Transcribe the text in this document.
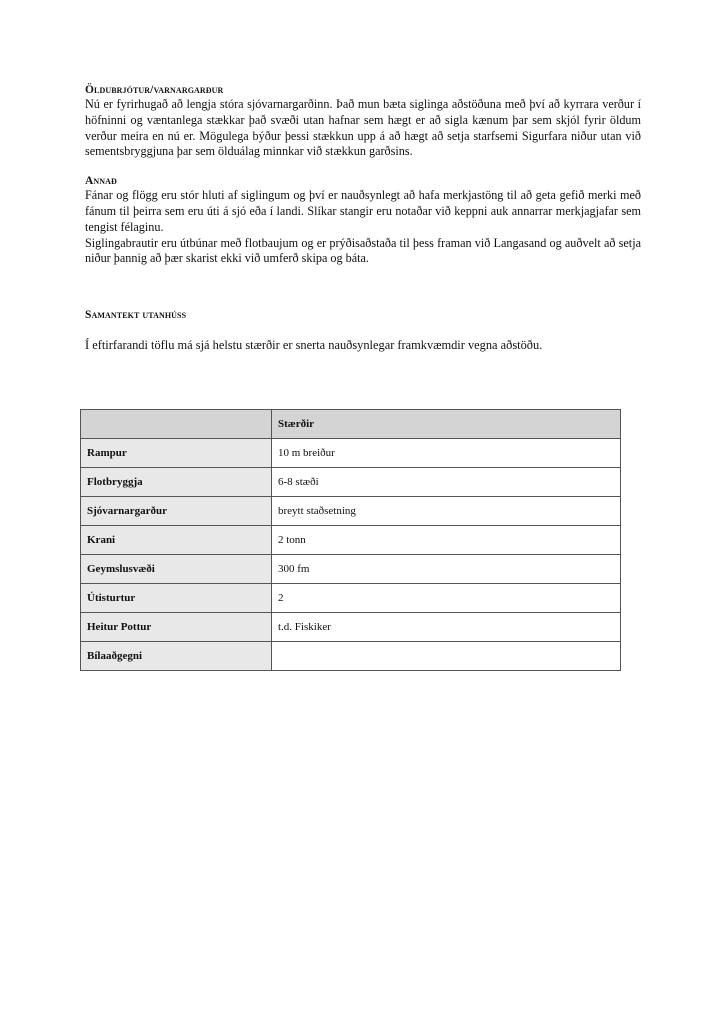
Öldubrjótur/varnargarður

Nú er fyrirhugað að lengja stóra sjóvarnargarðinn. Það mun bæta siglinga aðstöðuna með því að kyrrara verður í höfninni og væntanlega stækkar það svæði utan hafnar sem hægt er að sigla kænum þar sem skjól fyrir öldum verður meira en nú er. Mögulega býður þessi stækkun upp á að hægt að setja starfsemi Sigurfara niður utan við sementsbryggjuna þar sem ölduálag minnkar við stækkun garðsins.

Annað

Fánar og flögg eru stór hluti af siglingum og því er nauðsynlegt að hafa merkjastöng til að geta gefið merki með fánum til þeirra sem eru úti á sjó eða í landi. Slíkar stangir eru notaðar við keppni auk annarrar merkjagjafar sem tengist félaginu.

Siglingabrautir eru útbúnar með flotbaujum og er prýðisaðstaða til þess framan við Langasand og auðvelt að setja niður þannig að þær skarist ekki við umferð skipa og báta.

Samantekt utanhúss

Í eftirfarandi töflu má sjá helstu stærðir er snerta nauðsynlegar framkvæmdir vegna aðstöðu.

	Stærðir
Rampur	10 m breiður
Flotbryggja	6-8 stæði
Sjóvarnargarður	breytt staðsetning
Krani	2 tonn
Geymslusvæði	300 fm
Útisturtur	2
Heitur Pottur	t.d. Fiskiker
Bílaaðgegni	
